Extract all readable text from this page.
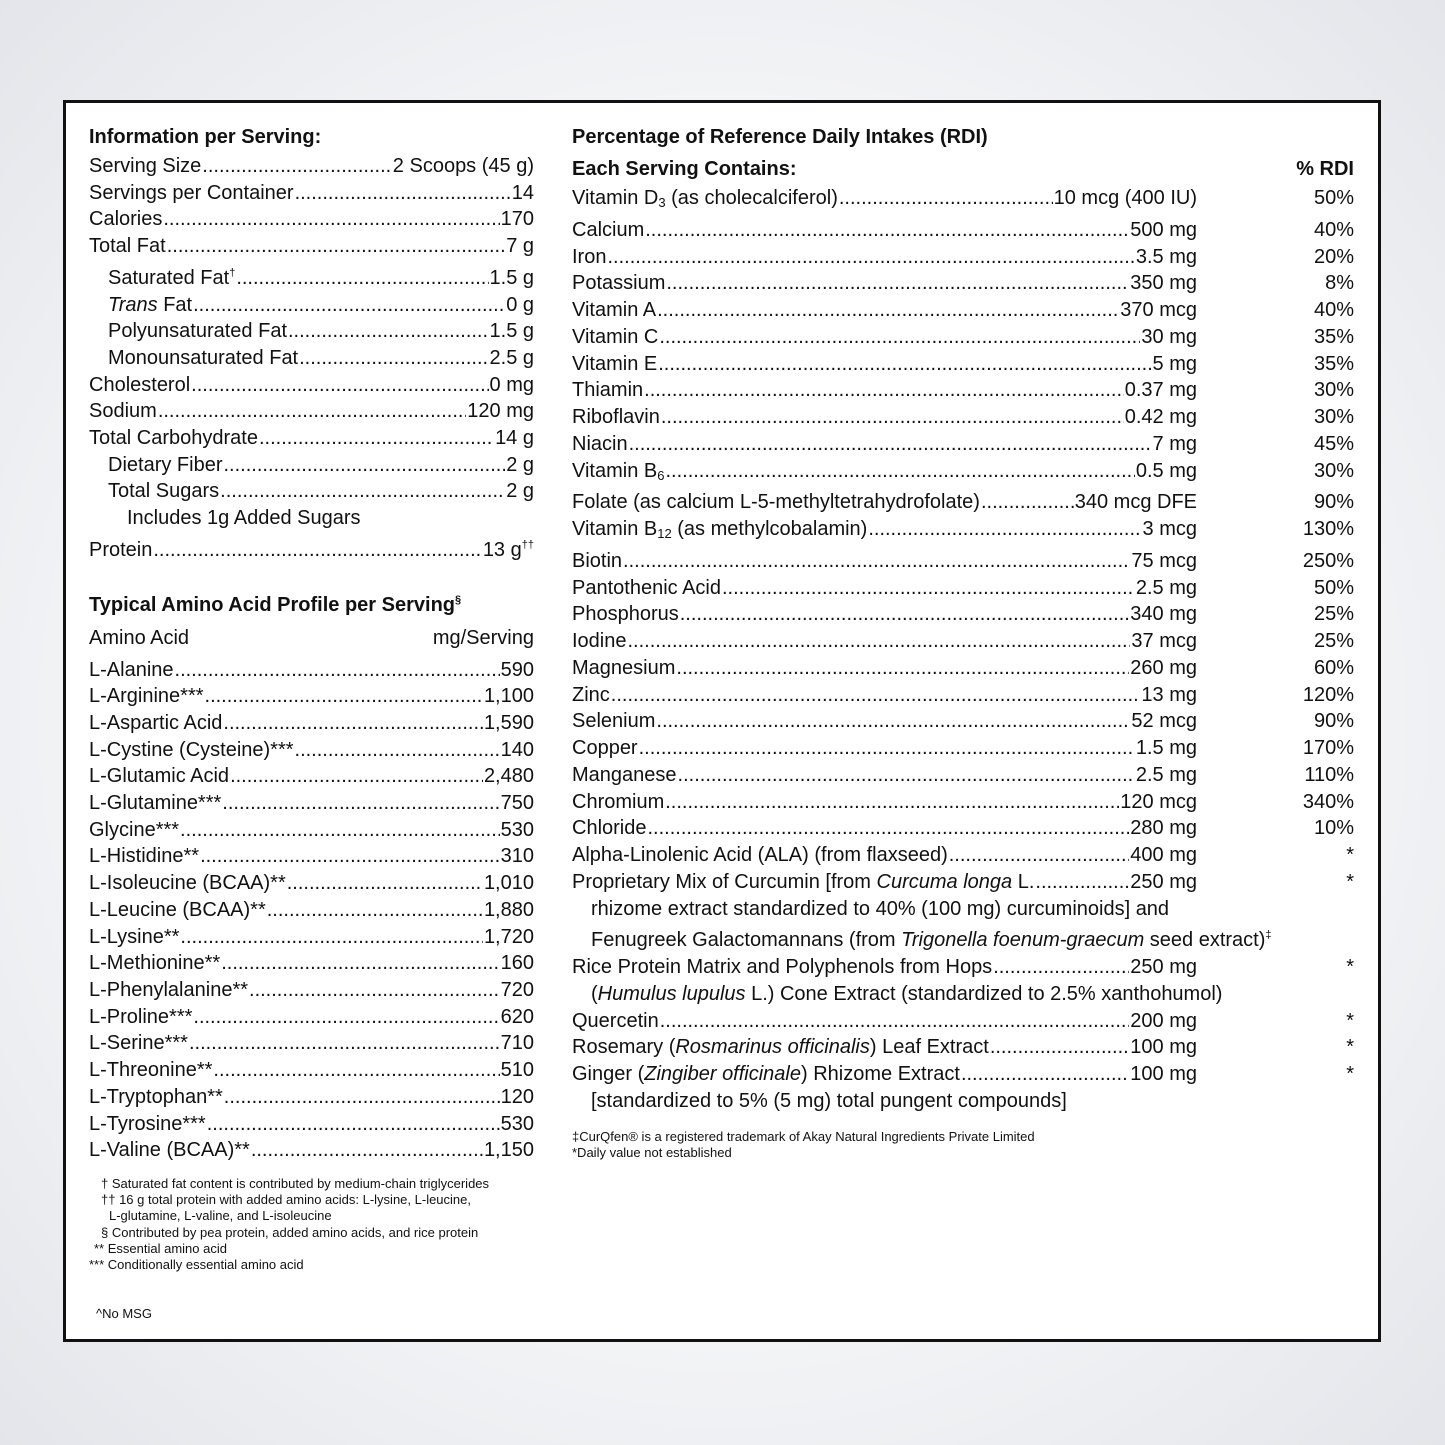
Information per Serving:
Serving Size .....	2 Scoops (45 g)
Servings per Container .....	14
Calories .....	170
Total Fat .....	7 g
Saturated Fat† .....	1.5 g
Trans Fat .....	0 g
Polyunsaturated Fat .....	1.5 g
Monounsaturated Fat .....	2.5 g
Cholesterol .....	0 mg
Sodium .....	120 mg
Total Carbohydrate .....	14 g
Dietary Fiber .....	2 g
Total Sugars .....	2 g
Includes 1g Added Sugars
Protein .....	13 g††
Typical Amino Acid Profile per Serving§
Amino Acid	mg/Serving
L-Alanine .....	590
L-Arginine*** .....	1,100
L-Aspartic Acid .....	1,590
L-Cystine (Cysteine)*** .....	140
L-Glutamic Acid .....	2,480
L-Glutamine*** .....	750
Glycine*** .....	530
L-Histidine** .....	310
L-Isoleucine (BCAA)** .....	1,010
L-Leucine (BCAA)** .....	1,880
L-Lysine** .....	1,720
L-Methionine** .....	160
L-Phenylalanine** .....	720
L-Proline*** .....	620
L-Serine*** .....	710
L-Threonine** .....	510
L-Tryptophan** .....	120
L-Tyrosine*** .....	530
L-Valine (BCAA)** .....	1,150
† Saturated fat content is contributed by medium-chain triglycerides
†† 16 g total protein with added amino acids: L-lysine, L-leucine,
L-glutamine, L-valine, and L-isoleucine
§ Contributed by pea protein, added amino acids, and rice protein
** Essential amino acid
*** Conditionally essential amino acid
^No MSG
Percentage of Reference Daily Intakes (RDI)
Each Serving Contains:	% RDI
Vitamin $D_3$ (as cholecalciferol) .....	10 mcg (400 IU)	50%
Calcium .....	500 mg	40%
Iron .....	3.5 mg	20%
Potassium .....	350 mg	8%
Vitamin A .....	370 mcg	40%
Vitamin C .....	30 mg	35%
Vitamin E .....	5 mg	35%
Thiamin .....	0.37 mg	30%
Riboflavin .....	0.42 mg	30%
Niacin .....	7 mg	45%
Vitamin $B_6$ .....	0.5 mg	30%
Folate (as calcium L-5-methyltetrahydrofolate) .....	340 mcg DFE	90%
Vitamin $B_{12}$ (as methylcobalamin) .....	3 mcg	130%
Biotin .....	75 mcg	250%
Pantothenic Acid .....	2.5 mg	50%
Phosphorus .....	340 mg	25%
Iodine .....	37 mcg	25%
Magnesium .....	260 mg	60%
Zinc .....	13 mg	120%
Selenium .....	52 mcg	90%
Copper .....	1.5 mg	170%
Manganese .....	2.5 mg	110%
Chromium .....	120 mcg	340%
Chloride .....	280 mg	10%
Alpha-Linolenic Acid (ALA) (from flaxseed) .....	400 mg	*
Proprietary Mix of Curcumin [from Curcuma longa L. .....	250 mg	*
rhizome extract standardized to 40% (100 mg) curcuminoids] and
Fenugreek Galactomannans (from Trigonella foenum-graecum seed extract)‡
Rice Protein Matrix and Polyphenols from Hops .....	250 mg	*
(Humulus lupulus L.) Cone Extract (standardized to 2.5% xanthohumol)
Quercetin .....	200 mg	*
Rosemary (Rosmarinus officinalis) Leaf Extract .....	100 mg	*
Ginger (Zingiber officinale) Rhizome Extract .....	100 mg	*
[standardized to 5% (5 mg) total pungent compounds]
‡CurQfen® is a registered trademark of Akay Natural Ingredients Private Limited
*Daily value not established
